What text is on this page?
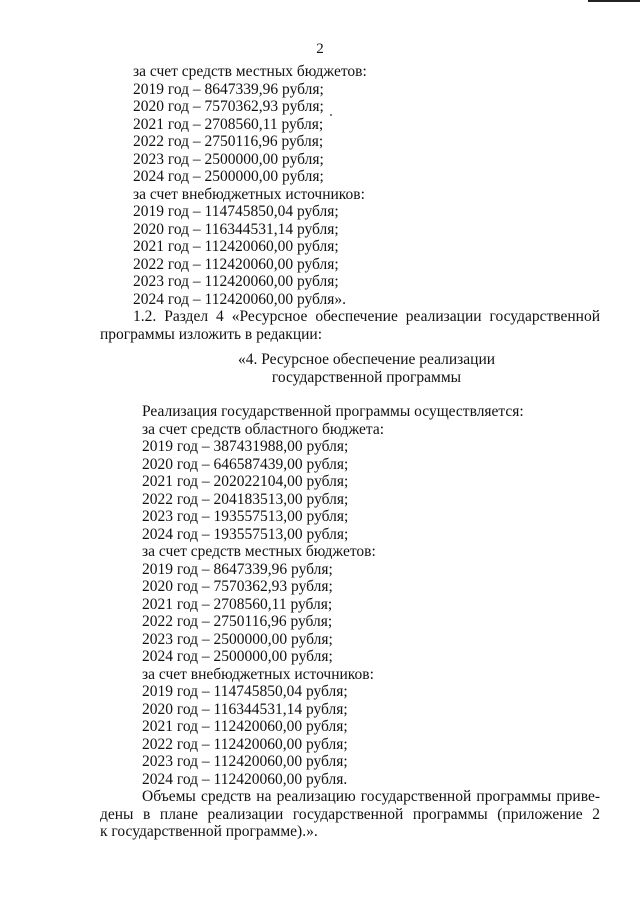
2
за счет средств местных бюджетов:
2019 год – 8647339,96 рубля;
2020 год – 7570362,93 рубля;
2021 год – 2708560,11 рубля;
2022 год – 2750116,96 рубля;
2023 год – 2500000,00 рубля;
2024 год – 2500000,00 рубля;
за счет внебюджетных источников:
2019 год – 114745850,04 рубля;
2020 год – 116344531,14 рубля;
2021 год – 112420060,00 рубля;
2022 год – 112420060,00 рубля;
2023 год – 112420060,00 рубля;
2024 год – 112420060,00 рубля».
1.2. Раздел 4 «Ресурсное обеспечение реализации государственной
программы изложить в редакции:
«4. Ресурсное обеспечение реализации
государственной программы
Реализация государственной программы осуществляется:
за счет средств областного бюджета:
2019 год – 387431988,00 рубля;
2020 год – 646587439,00 рубля;
2021 год – 202022104,00 рубля;
2022 год – 204183513,00 рубля;
2023 год – 193557513,00 рубля;
2024 год – 193557513,00 рубля;
за счет средств местных бюджетов:
2019 год – 8647339,96 рубля;
2020 год – 7570362,93 рубля;
2021 год – 2708560,11 рубля;
2022 год – 2750116,96 рубля;
2023 год – 2500000,00 рубля;
2024 год – 2500000,00 рубля;
за счет внебюджетных источников:
2019 год – 114745850,04 рубля;
2020 год – 116344531,14 рубля;
2021 год – 112420060,00 рубля;
2022 год – 112420060,00 рубля;
2023 год – 112420060,00 рубля;
2024 год – 112420060,00 рубля.
Объемы средств на реализацию государственной программы приве-
дены в плане реализации государственной программы (приложение 2
к государственной программе).».
